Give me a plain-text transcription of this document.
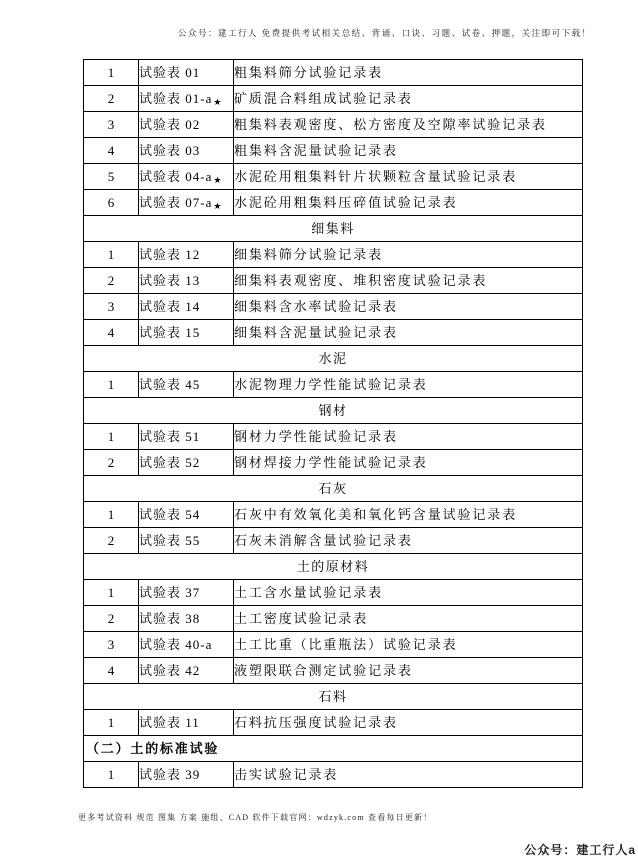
公众号：建工行人 免费提供考试相关总结、背诵、口诀、习题、试卷、押题，关注即可下载！
1	试验表 01	粗集料筛分试验记录表
2	试验表 01-a★	矿质混合料组成试验记录表
3	试验表 02	粗集料表观密度、松方密度及空隙率试验记录表
4	试验表 03	粗集料含泥量试验记录表
5	试验表 04-a★	水泥砼用粗集料针片状颗粒含量试验记录表
6	试验表 07-a★	水泥砼用粗集料压碎值试验记录表
细集料		
1	试验表 12	细集料筛分试验记录表
2	试验表 13	细集料表观密度、堆积密度试验记录表
3	试验表 14	细集料含水率试验记录表
4	试验表 15	细集料含泥量试验记录表
水泥		
1	试验表 45	水泥物理力学性能试验记录表
钢材		
1	试验表 51	钢材力学性能试验记录表
2	试验表 52	钢材焊接力学性能试验记录表
石灰		
1	试验表 54	石灰中有效氧化美和氧化钙含量试验记录表
2	试验表 55	石灰未消解含量试验记录表
土的原材料		
1	试验表 37	土工含水量试验记录表
2	试验表 38	土工密度试验记录表
3	试验表 40-a	土工比重（比重瓶法）试验记录表
4	试验表 42	液塑限联合测定试验记录表
石料		
1	试验表 11	石料抗压强度试验记录表
（二）土的标准试验		
1	试验表 39	击实试验记录表
更多考试资料 规范 图集 方案 施组、CAD 软件下载官网：wdzyk.com 查看每日更新！
公众号：建工行人a
